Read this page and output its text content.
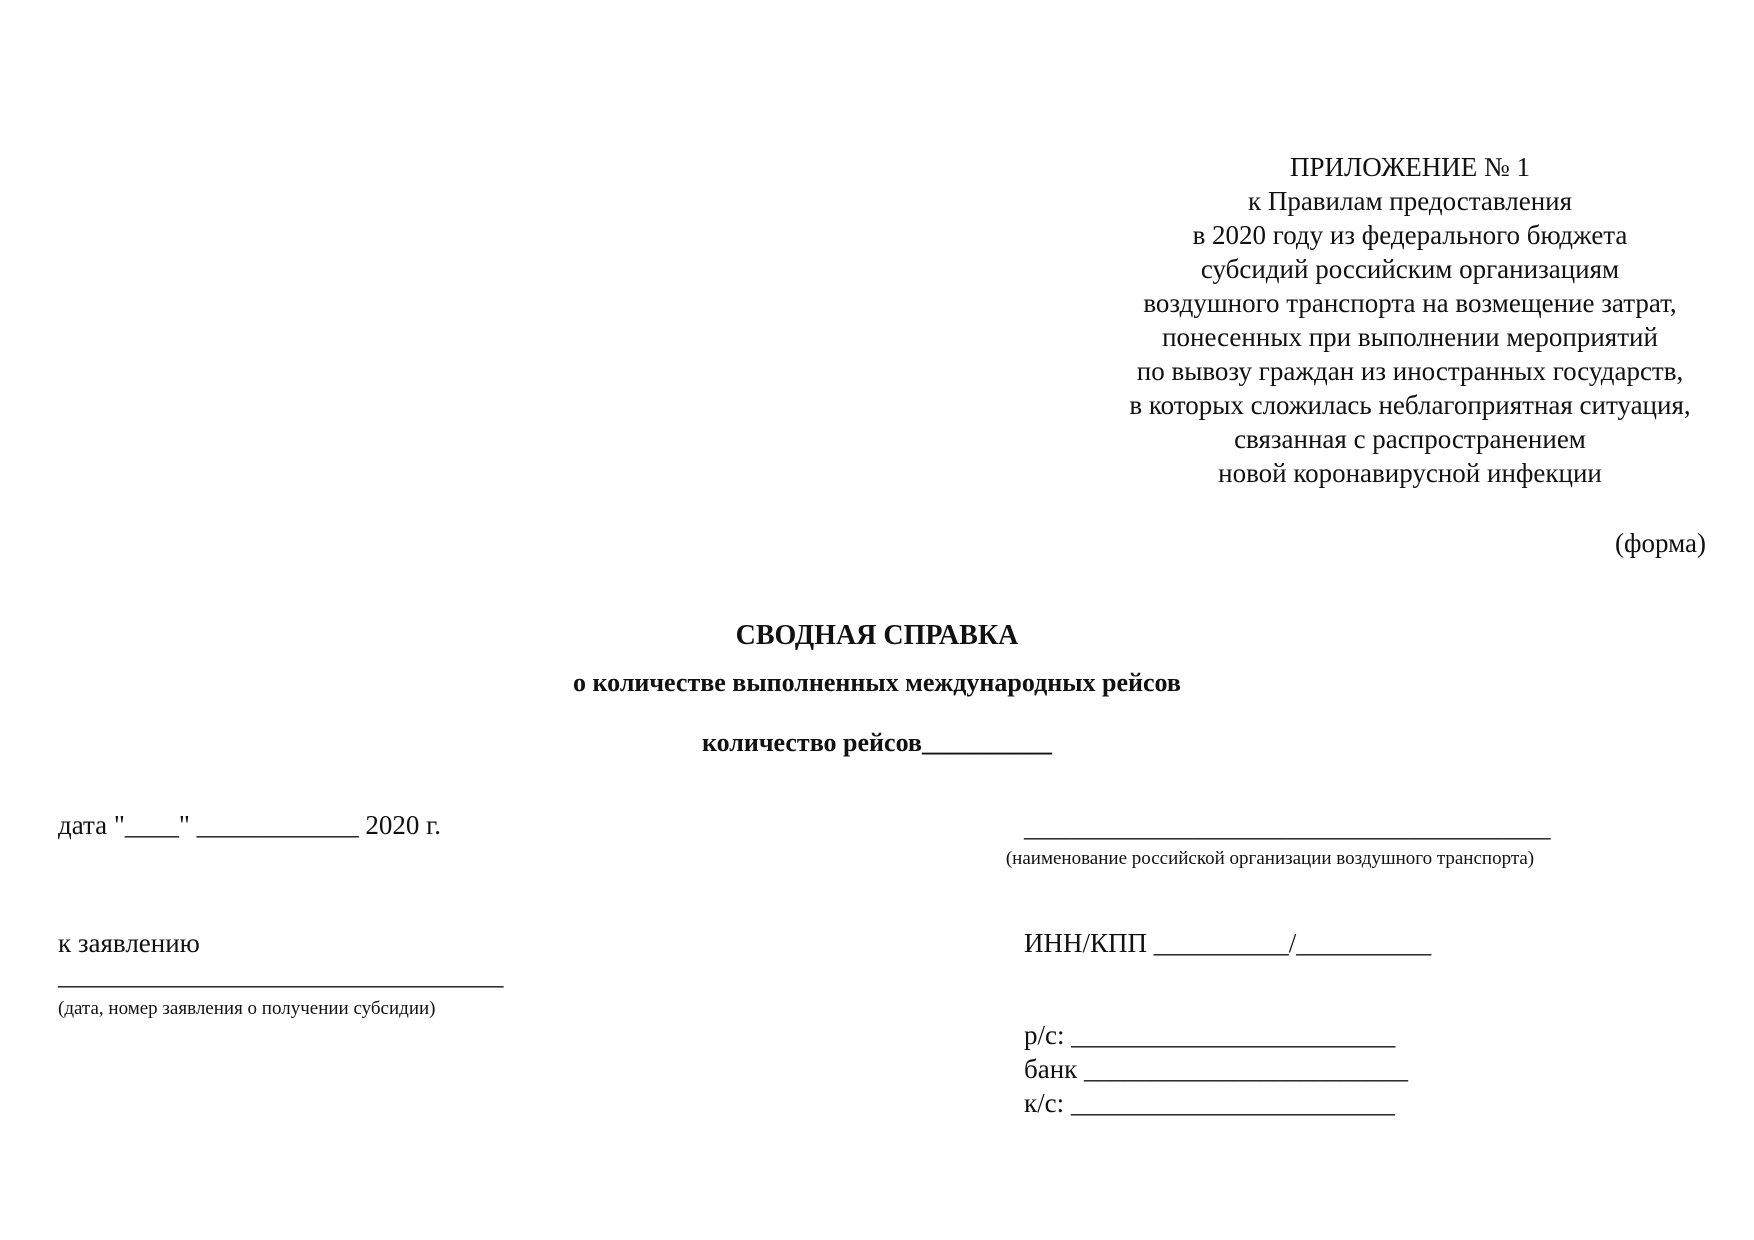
ПРИЛОЖЕНИЕ № 1
к Правилам предоставления
в 2020 году из федерального бюджета
субсидий российским организациям
воздушного транспорта на возмещение затрат,
понесенных при выполнении мероприятий
по вывозу граждан из иностранных государств,
в которых сложилась неблагоприятная ситуация,
связанная с распространением
новой коронавирусной инфекции
(форма)
СВОДНАЯ СПРАВКА
о количестве выполненных международных рейсов
количество рейсов__________
дата "____" ____________ 2020 г.
к заявлению
_________________________________
(дата, номер заявления о получении субсидии)
_______________________________________
(наименование российской организации воздушного транспорта)
ИНН/КПП __________/__________
р/с: ________________________
банк ________________________
к/с: ________________________
